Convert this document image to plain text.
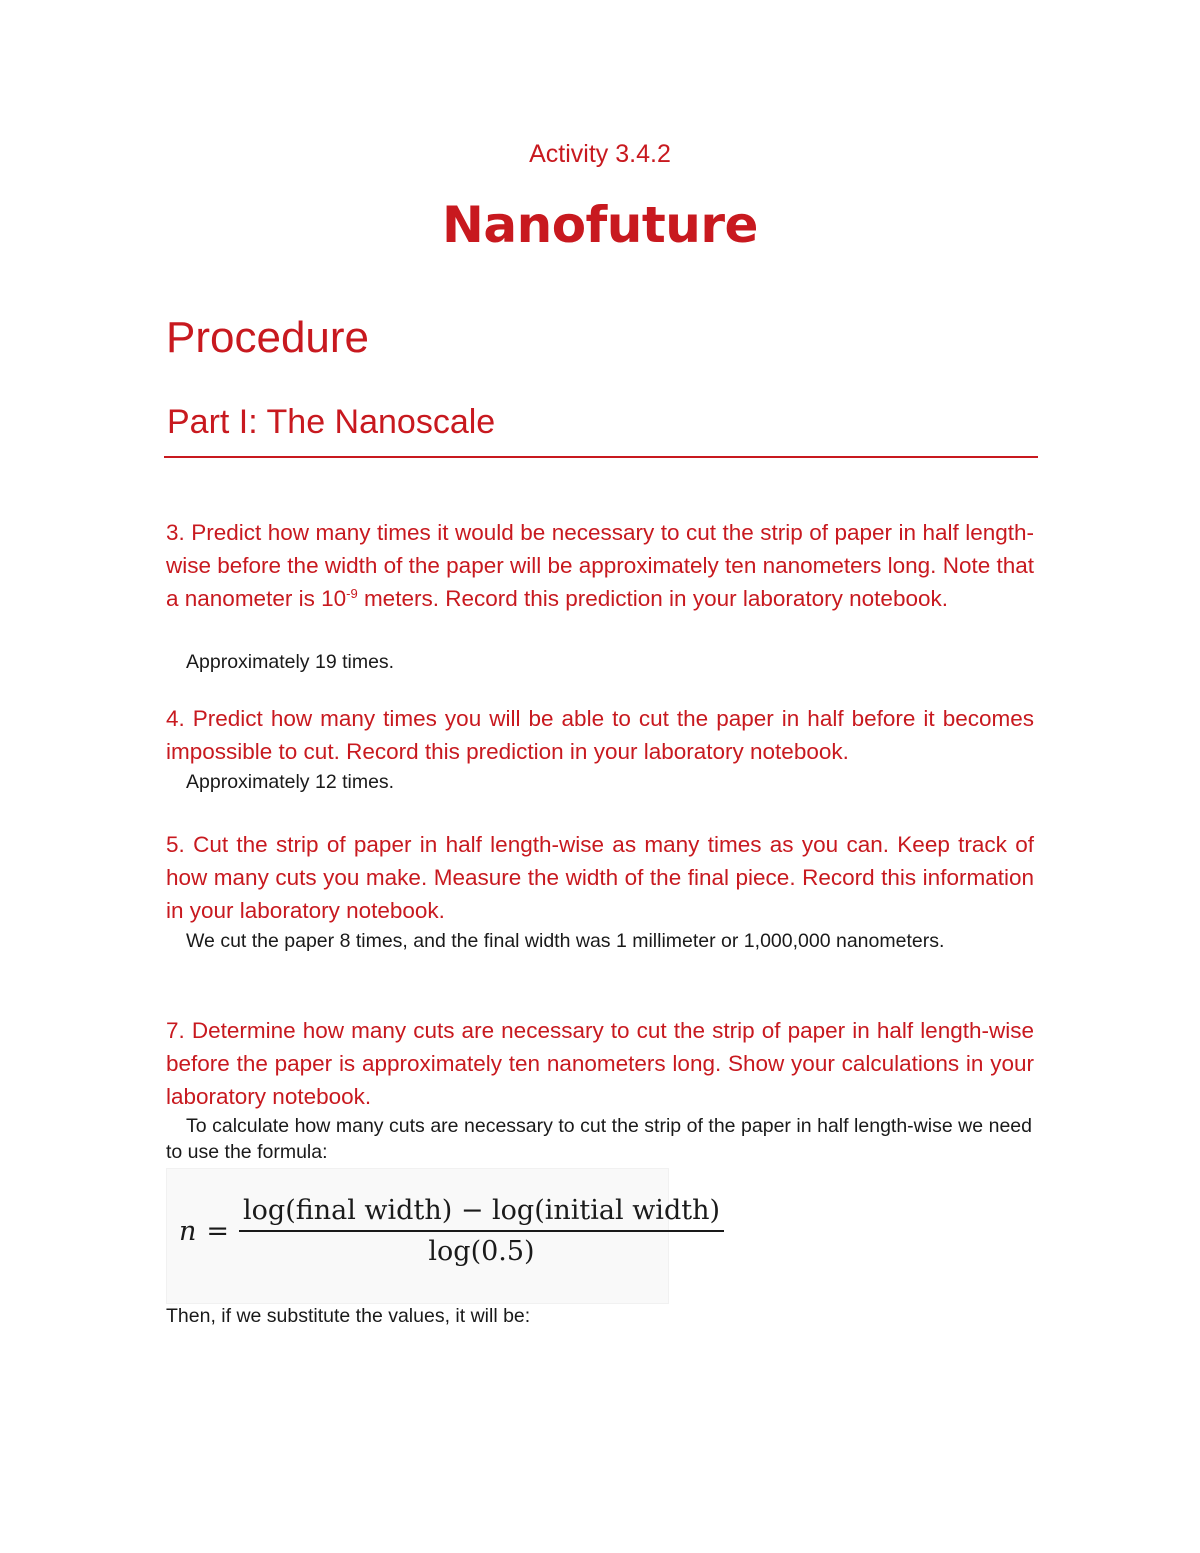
Activity 3.4.2
Nanofuture
Procedure
Part I: The Nanoscale
3. Predict how many times it would be necessary to cut the strip of paper in half length-wise before the width of the paper will be approximately ten nanometers long. Note that a nanometer is $10^{-9}$ meters. Record this prediction in your laboratory notebook.
Approximately 19 times.
4. Predict how many times you will be able to cut the paper in half before it becomes impossible to cut. Record this prediction in your laboratory notebook.
Approximately 12 times.
5. Cut the strip of paper in half length-wise as many times as you can. Keep track of how many cuts you make. Measure the width of the final piece. Record this information in your laboratory notebook.
We cut the paper 8 times, and the final width was 1 millimeter or 1,000,000 nanometers.
7. Determine how many cuts are necessary to cut the strip of paper in half length-wise before the paper is approximately ten nanometers long. Show your calculations in your laboratory notebook.
To calculate how many cuts are necessary to cut the strip of the paper in half length-wise we need to use the formula:
$n = \frac{\text{log(final width) − log(initial width)}}{\log(0.5)}$
Then, if we substitute the values, it will be:
